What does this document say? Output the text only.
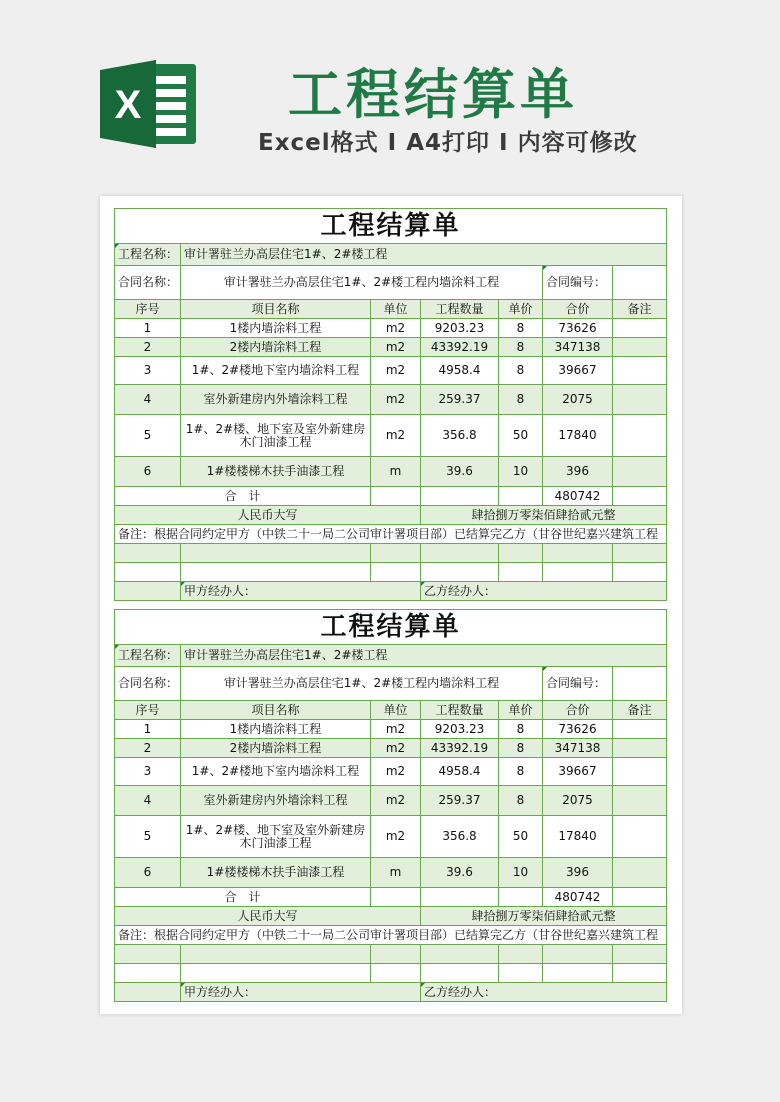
X	工程结算单
Excel格式 I A4打印 I 内容可修改
工程结算单						
工程名称：	审计署驻兰办高层住宅1#、2#楼工程					
合同名称：	审计署驻兰办高层住宅1#、2#楼工程内墙涂料工程				合同编号：	
序号	项目名称	单位	工程数量	单价	合价	备注
1	1楼内墙涂料工程	m2	9203.23	8	73626	
2	2楼内墙涂料工程	m2	43392.19	8	347138	
3	1#、2#楼地下室内墙涂料工程	m2	4958.4	8	39667	
4	室外新建房内外墙涂料工程	m2	259.37	8	2075	
5	1#、2#楼、地下室及室外新建房木门油漆工程	m2	356.8	50	17840	
6	1#楼楼梯木扶手油漆工程	m	39.6	10	396	
合　计					480742	
人民币大写			肆拾捌万零柒佰肆拾贰元整			
备注：根据合同约定甲方（中铁二十一局二公司审计署项目部）已结算完乙方（甘谷世纪嘉兴建筑工程						

	甲方经办人：		乙方经办人：			
工程结算单						
工程名称：	审计署驻兰办高层住宅1#、2#楼工程					
合同名称：	审计署驻兰办高层住宅1#、2#楼工程内墙涂料工程				合同编号：	
序号	项目名称	单位	工程数量	单价	合价	备注
1	1楼内墙涂料工程	m2	9203.23	8	73626	
2	2楼内墙涂料工程	m2	43392.19	8	347138	
3	1#、2#楼地下室内墙涂料工程	m2	4958.4	8	39667	
4	室外新建房内外墙涂料工程	m2	259.37	8	2075	
5	1#、2#楼、地下室及室外新建房木门油漆工程	m2	356.8	50	17840	
6	1#楼楼梯木扶手油漆工程	m	39.6	10	396	
合　计					480742	
人民币大写			肆拾捌万零柒佰肆拾贰元整			
备注：根据合同约定甲方（中铁二十一局二公司审计署项目部）已结算完乙方（甘谷世纪嘉兴建筑工程						

	甲方经办人：		乙方经办人：			
